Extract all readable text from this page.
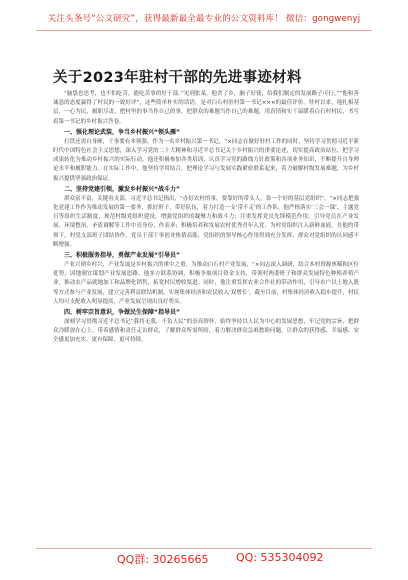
关注头条号“公文研究”，获得最新最全最专业的公文资料库！ 微信：gongwenyj
关于2023年驻村干部的先进事迹材料

“脑袋也思考，也不怕吃苦，能吃苦事的好干部。”见到张某，他舍了乡，脑子好使，给我们制定的发展路子可行。”“他和善诚恳的态度赢得了村民的一致好评”，这些简单朴实的话语，是对白石村驻村第一书记×××的最佳评价。驻村以来，他扎根基层，一心为民，履职尽责，把村里的事当作自己的事，把群众的难题当作自己的难题，用真情和实干温暖着白石村村民，书写着第一书记的乡村振兴答卷。

一、强化理论武装，争当乡村振兴“领头雁”

打铁还需自身硬，干事要有本领强。作为一名乡村振兴第一书记，“×同志在做好驻村工作的同时，坚持学习贯彻习近平新时代中国特色社会主义思想，深入学习党的二十大精神和习近平总书记关于乡村振兴的重要论述，切实提高政治站位，把学习成果转化为推动乡村振兴的实际行动。他还积极参加各类培训，认真学习党的路线方针政策和各项业务知识，不断提升自身理论水平和履职能力。在实际工作中，他坚持学用结合，把理论学习与发展实践紧密联系起来，着力破解村级发展难题，为乡村振兴提供坚强政治保证。

二、坚持党建引领，激发乡村振兴“战斗力”

群众富不富，关键看支部，习近平总书记指出，“办好农村的事，要靠好的带头人，靠一个好的基层党组织”。“×同志把强化党建工作作为推动发展的第一要务，抓好班子，带好队伍，着力打造一支‘带不走’的工作队。他严格落实‘三会一课’、主题党日等组织生活制度，规范村级党组织建设，增强党组织的凝聚力和战斗力；注重发挥党员先锋模范作用，引导党员在产业发展、环境整治、矛盾调解等工作中亮身份、作表率；积极培养和发展农村优秀青年入党，为村党组织注入新鲜血液。在他的带领下，村党支部班子团结协作，党员干部干事创业热情高涨，党组织的领导核心作用得到充分发挥，群众对党组织的认同感不断增强。

三、积极服务指导，勇做产业发展“引导员”

产业兴则乡村兴，产业发展是乡村振兴的重中之重。为推动白石村产业发展，“×同志深入调研，结合本村资源禀赋和区位优势，因地制宜谋划产业发展思路。他多方联系协调，积极争取项目资金支持，带领村两委班子和群众发展特色种植养殖产业，推动农产品就地加工和品牌化销售，拓宽村民增收渠道。同时，他注重发挥农业合作社的带动作用，引导农户以土地入股等方式参与产业发展，建立完善利益联结机制，实现集体经济和农民收入‘双增长’。截至目前，村集体经济收入稳步提升，村民人均可支配收入明显提高，产业发展呈现出良好势头。

四、树牢宗旨意识，争做民生保障“指导员”

深刻学习贯彻习近平总书记“我将无我，不负人民”的崇高情怀，始终坚持以人民为中心的发展思想，牢记党的宗旨，把群众冷暖放在心上，带着感情和责任走访群众，了解群众所需所盼，着力解决群众急难愁盼问题，让群众的获得感、幸福感、安全感更加充实、更有保障、更可持续。

QQ群: 30265665 QQ: 535304092
